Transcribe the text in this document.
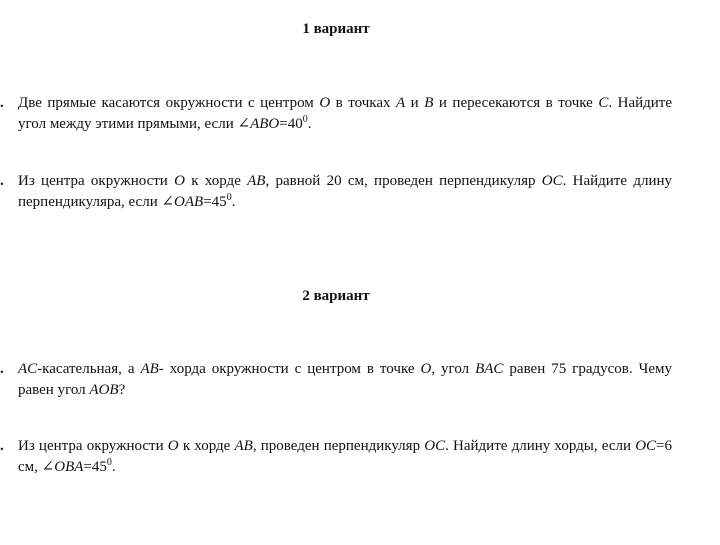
1 вариант
. Две прямые касаются окружности с центром O в точках A и B и пересекаются в точке C. Найдите угол между этими прямыми, если $\angle ABO=40^0$.
. Из центра окружности O к хорде AB, равной 20 см, проведен перпендикуляр OC. Найдите длину перпендикуляра, если $\angle OAB=45^0$.
2 вариант
. AC-касательная, а AB- хорда окружности с центром в точке O, угол BAC равен 75 градусов. Чему равен угол AOB?
. Из центра окружности O к хорде AB, проведен перпендикуляр OC. Найдите длину хорды, если OC=6 см, $\angle OBA=45^0$.
